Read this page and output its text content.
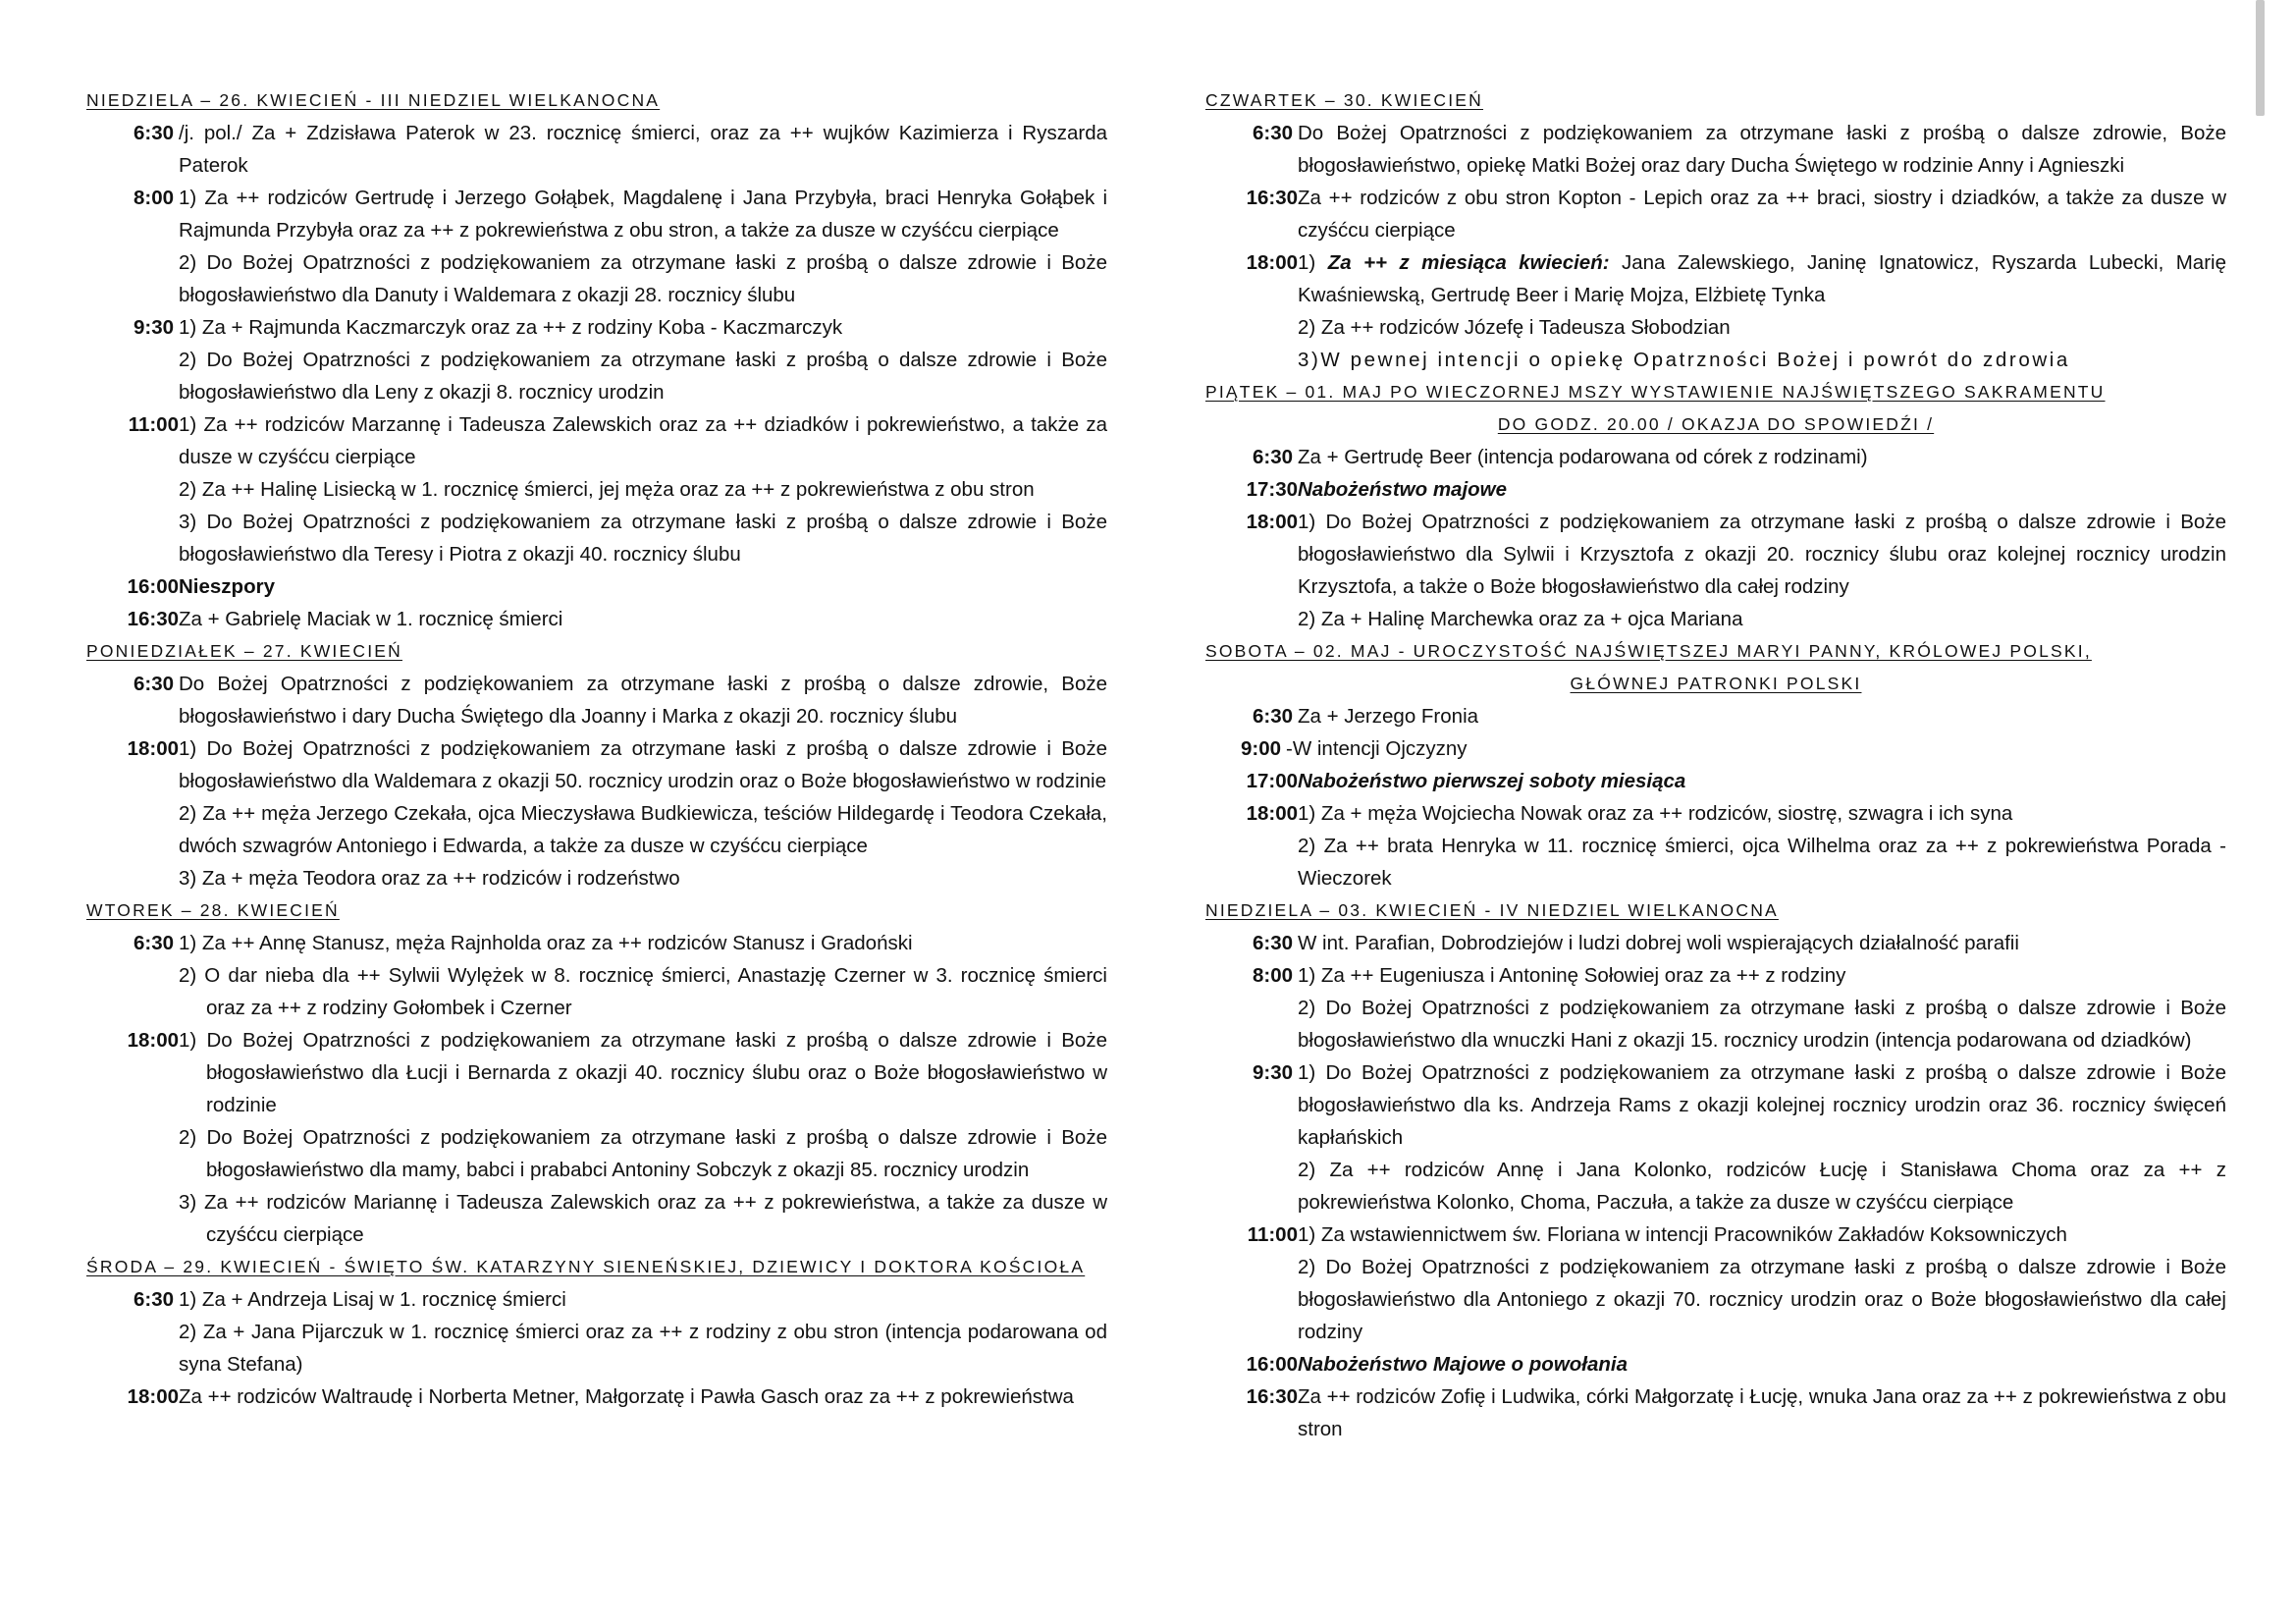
NIEDZIELA – 26. KWIECIEŃ - III NIEDZIEL WIELKANOCNA
6:30 /j. pol./ Za + Zdzisława Paterok w 23. rocznicę śmierci, oraz za ++ wujków Kazimierza i Ryszarda Paterok
8:00 1) Za ++ rodziców Gertrudę i Jerzego Gołąbek, Magdalenę i Jana Przybyła, braci Henryka Gołąbek i Rajmunda Przybyła oraz za ++ z pokrewieństwa z obu stron, a także za dusze w czyśćcu cierpiące
2) Do Bożej Opatrzności z podziękowaniem za otrzymane łaski z prośbą o dalsze zdrowie i Boże błogosławieństwo dla Danuty i Waldemara z okazji 28. rocznicy ślubu
9:30 1) Za + Rajmunda Kaczmarczyk oraz za ++ z rodziny Koba - Kaczmarczyk
2) Do Bożej Opatrzności z podziękowaniem za otrzymane łaski z prośbą o dalsze zdrowie i Boże błogosławieństwo dla Leny z okazji 8. rocznicy urodzin
11:00 1) Za ++ rodziców Marzannę i Tadeusza Zalewskich oraz za ++ dziadków i pokrewieństwo, a także za dusze w czyśćcu cierpiące
2) Za ++ Halinę Lisiecką w 1. rocznicę śmierci, jej męża oraz za ++ z pokrewieństwa z obu stron
3) Do Bożej Opatrzności z podziękowaniem za otrzymane łaski z prośbą o dalsze zdrowie i Boże błogosławieństwo dla Teresy i Piotra z okazji 40. rocznicy ślubu
16:00 Nieszpory
16:30 Za + Gabrielę Maciak w 1. rocznicę śmierci
PONIEDZIAŁEK – 27. KWIECIEŃ
6:30 Do Bożej Opatrzności z podziękowaniem za otrzymane łaski z prośbą o dalsze zdrowie, Boże błogosławieństwo i dary Ducha Świętego dla Joanny i Marka z okazji 20. rocznicy ślubu
18:00 1) Do Bożej Opatrzności z podziękowaniem za otrzymane łaski z prośbą o dalsze zdrowie i Boże błogosławieństwo dla Waldemara z okazji 50. rocznicy urodzin oraz o Boże błogosławieństwo w rodzinie
2) Za ++ męża Jerzego Czekała, ojca Mieczysława Budkiewicza, teściów Hildegardę i Teodora Czekała, dwóch szwagrów Antoniego i Edwarda, a także za dusze w czyśćcu cierpiące
3) Za + męża Teodora oraz za ++ rodziców i rodzeństwo
WTOREK – 28. KWIECIEŃ
6:30 1) Za ++ Annę Stanusz, męża Rajnholda oraz za ++ rodziców Stanusz i Gradoński
2) O dar nieba dla ++ Sylwii Wylężek w 8. rocznicę śmierci, Anastazję Czerner w 3. rocznicę śmierci oraz za ++ z rodziny Gołombek i Czerner
18:00 1) Do Bożej Opatrzności z podziękowaniem za otrzymane łaski z prośbą o dalsze zdrowie i Boże błogosławieństwo dla Łucji i Bernarda z okazji 40. rocznicy ślubu oraz o Boże błogosławieństwo w rodzinie
2) Do Bożej Opatrzności z podziękowaniem za otrzymane łaski z prośbą o dalsze zdrowie i Boże błogosławieństwo dla mamy, babci i prababci Antoniny Sobczyk z okazji 85. rocznicy urodzin
3) Za ++ rodziców Mariannę i Tadeusza Zalewskich oraz za ++ z pokrewieństwa, a także za dusze w czyśćcu cierpiące
ŚRODA – 29. KWIECIEŃ - ŚWIĘTO ŚW. KATARZYNY SIENEŃSKIEJ, DZIEWICY I DOKTORA KOŚCIOŁA
6:30 1) Za + Andrzeja Lisaj w 1. rocznicę śmierci
2) Za + Jana Pijarczuk w 1. rocznicę śmierci oraz za ++ z rodziny z obu stron (intencja podarowana od syna Stefana)
18:00 Za ++ rodziców Waltraudę i Norberta Metner, Małgorzatę i Pawła Gasch oraz za ++ z pokrewieństwa
CZWARTEK – 30. KWIECIEŃ
6:30 Do Bożej Opatrzności z podziękowaniem za otrzymane łaski z prośbą o dalsze zdrowie, Boże błogosławieństwo, opiekę Matki Bożej oraz dary Ducha Świętego w rodzinie Anny i Agnieszki
16:30 Za ++ rodziców z obu stron Kopton - Lepich oraz za ++ braci, siostry i dziadków, a także za dusze w czyśćcu cierpiące
18:00 1) Za ++ z miesiąca kwiecień: Jana Zalewskiego, Janinę Ignatowicz, Ryszarda Lubecki, Marię Kwaśniewską, Gertrudę Beer i Marię Mojza, Elżbietę Tynka
2) Za ++ rodziców Józefę i Tadeusza Słobodzian
3)W pewnej intencji o opiekę Opatrzności Bożej i powrót do zdrowia
PIĄTEK – 01. MAJ PO WIECZORNEJ MSZY WYSTAWIENIE NAJŚWIĘTSZEGO SAKRAMENTU
DO GODZ. 20.00 / OKAZJA DO SPOWIEDŹI /
6:30 Za + Gertrudę Beer (intencja podarowana od córek z rodzinami)
17:30 Nabożeństwo majowe
18:00 1) Do Bożej Opatrzności z podziękowaniem za otrzymane łaski z prośbą o dalsze zdrowie i Boże błogosławieństwo dla Sylwii i Krzysztofa z okazji 20. rocznicy ślubu oraz kolejnej rocznicy urodzin Krzysztofa, a także o Boże błogosławieństwo dla całej rodziny
2) Za + Halinę Marchewka oraz za + ojca Mariana
SOBOTA – 02. MAJ - UROCZYSTOŚĆ NAJŚWIĘTSZEJ MARYI PANNY, KRÓLOWEJ POLSKI,
GŁÓWNEJ PATRONKI POLSKI
6:30 Za + Jerzego Fronia
9:00 -W intencji Ojczyzny
17:00 Nabożeństwo pierwszej soboty miesiąca
18:00 1) Za + męża Wojciecha Nowak oraz za ++ rodziców, siostrę, szwagra i ich syna
2) Za ++ brata Henryka w 11. rocznicę śmierci, ojca Wilhelma oraz za ++ z pokrewieństwa Porada - Wieczorek
NIEDZIELA – 03. KWIECIEŃ - IV NIEDZIEL WIELKANOCNA
6:30 W int. Parafian, Dobrodziejów i ludzi dobrej woli wspierających działalność parafii
8:00 1) Za ++ Eugeniusza i Antoninę Sołowiej oraz za ++ z rodziny
2) Do Bożej Opatrzności z podziękowaniem za otrzymane łaski z prośbą o dalsze zdrowie i Boże błogosławieństwo dla wnuczki Hani z okazji 15. rocznicy urodzin (intencja podarowana od dziadków)
9:30 1) Do Bożej Opatrzności z podziękowaniem za otrzymane łaski z prośbą o dalsze zdrowie i Boże błogosławieństwo dla ks. Andrzeja Rams z okazji kolejnej rocznicy urodzin oraz 36. rocznicy święceń kapłańskich
2) Za ++ rodziców Annę i Jana Kolonko, rodziców Łucję i Stanisława Choma oraz za ++ z pokrewieństwa Kolonko, Choma, Paczuła, a także za dusze w czyśćcu cierpiące
11:00 1) Za wstawiennictwem św. Floriana w intencji Pracowników Zakładów Koksowniczych
2) Do Bożej Opatrzności z podziękowaniem za otrzymane łaski z prośbą o dalsze zdrowie i Boże błogosławieństwo dla Antoniego z okazji 70. rocznicy urodzin oraz o Boże błogosławieństwo dla całej rodziny
16:00 Nabożeństwo Majowe o powołania
16:30 Za ++ rodziców Zofię i Ludwika, córki Małgorzatę i Łucję, wnuka Jana oraz za ++ z pokrewieństwa z obu stron
